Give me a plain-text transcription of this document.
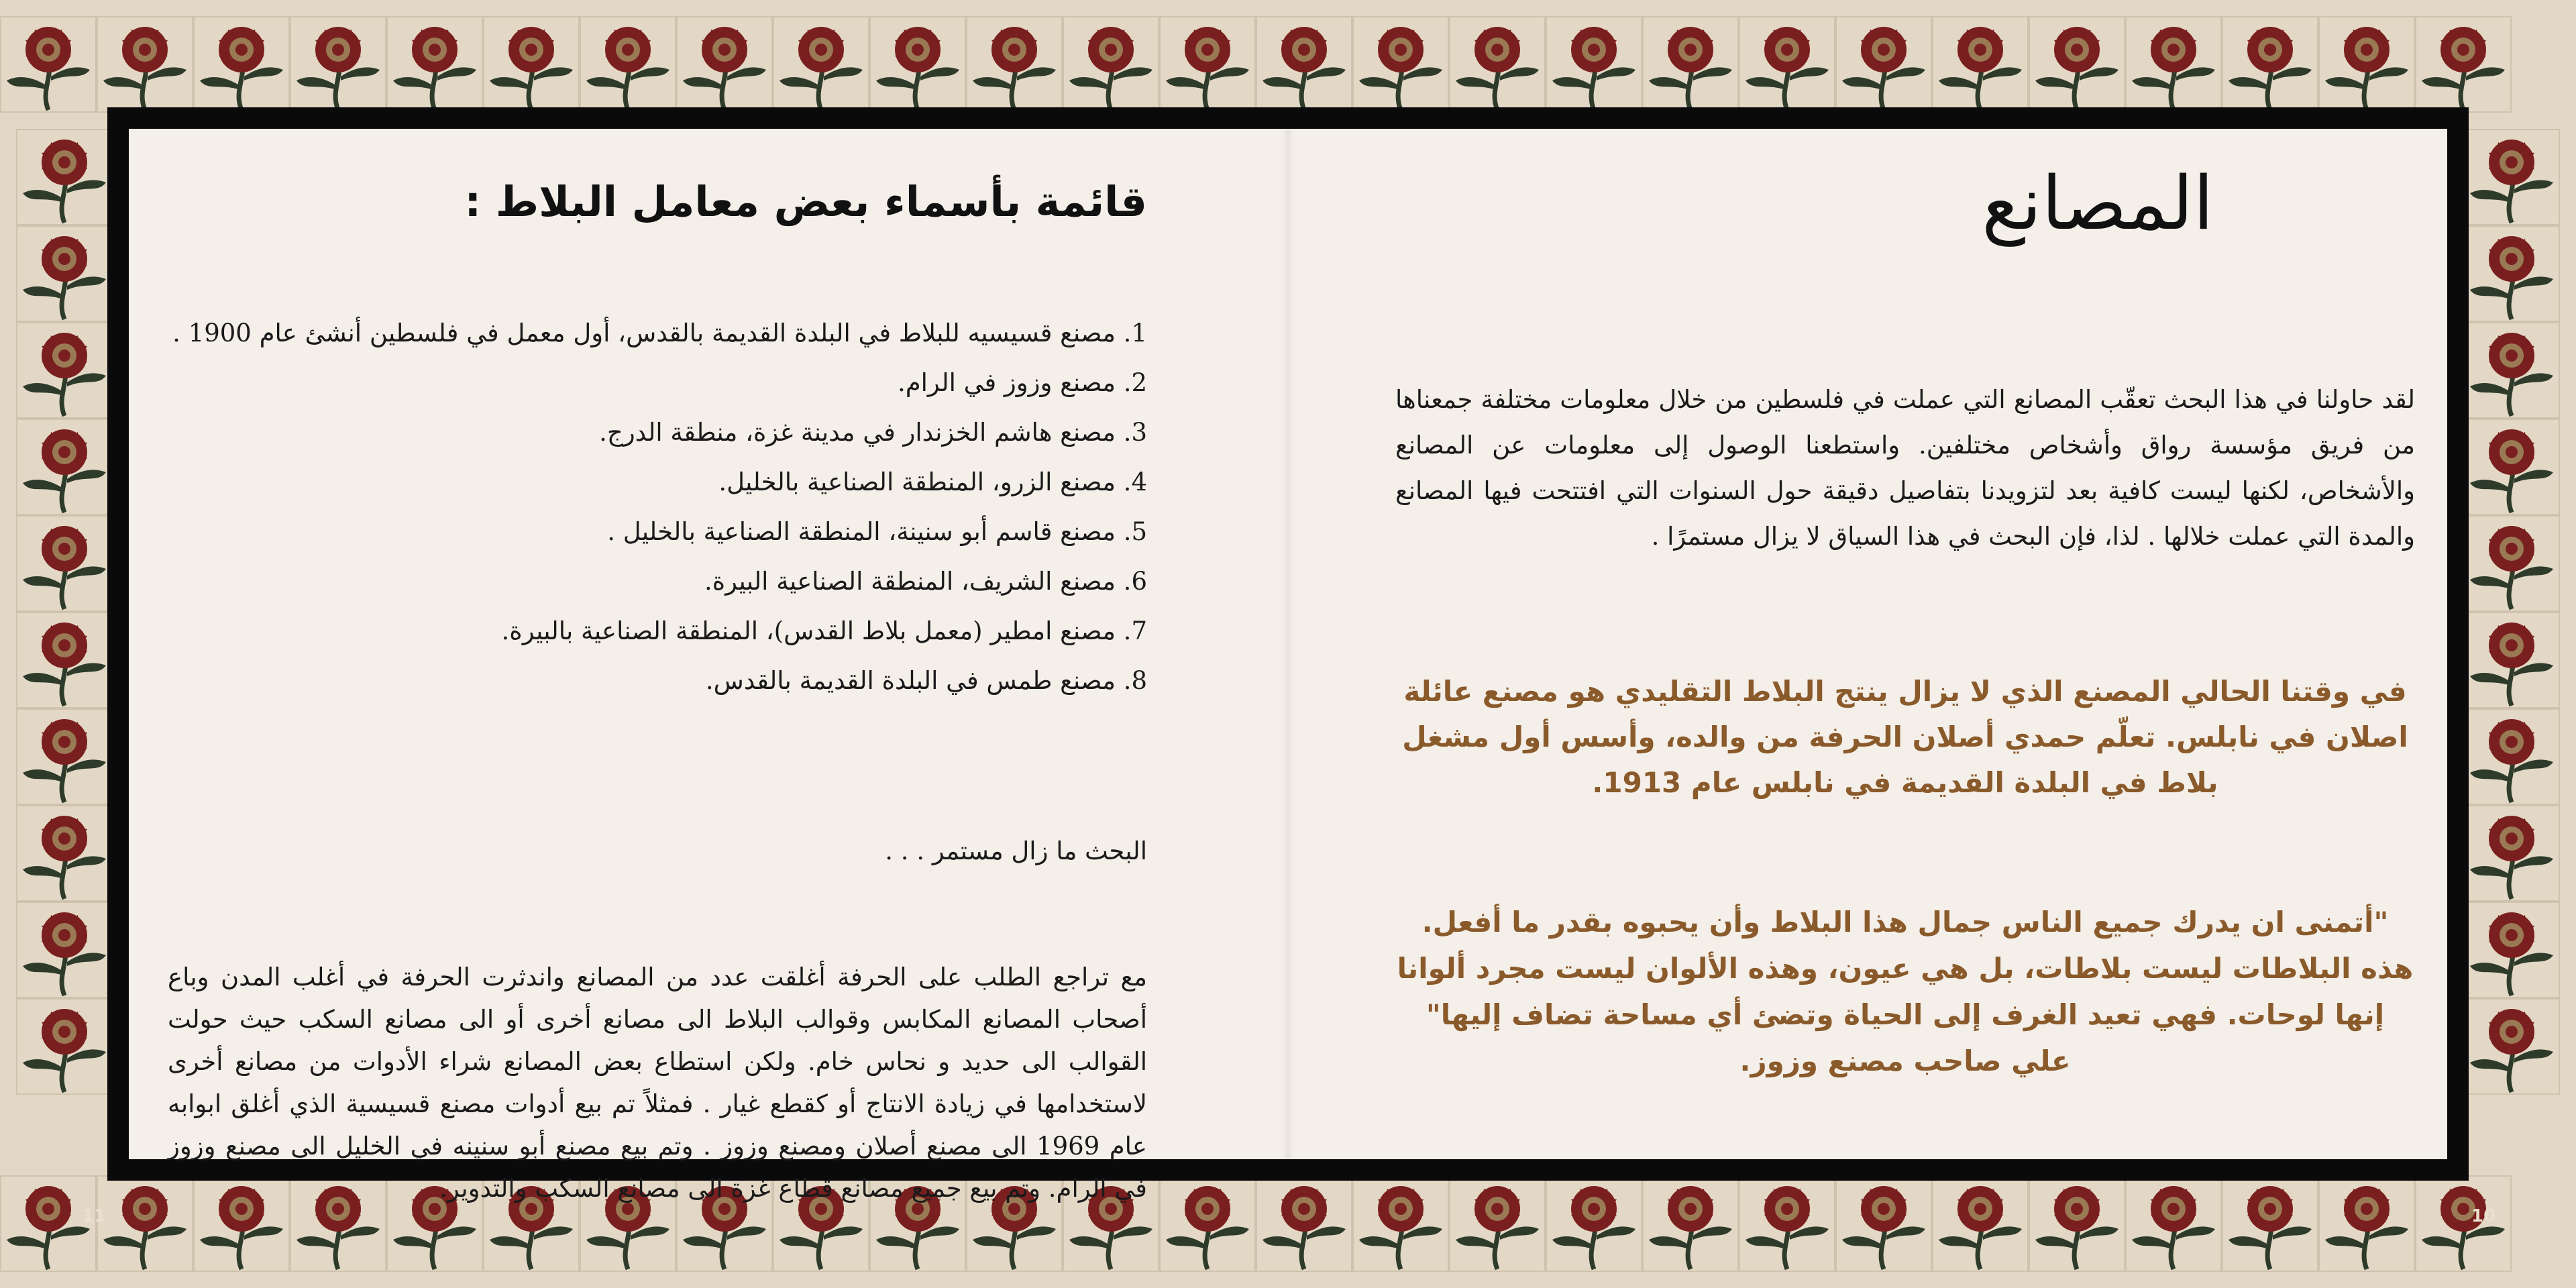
قائمة بأسماء بعض معامل البلاط :
1. مصنع قسيسيه للبلاط في البلدة القديمة بالقدس، أول معمل في فلسطين أنشئ عام 1900 .
2. مصنع وزوز في الرام.
3. مصنع هاشم الخزندار في مدينة غزة، منطقة الدرج.
4. مصنع الزرو، المنطقة الصناعية بالخليل.
5. مصنع قاسم أبو سنينة، المنطقة الصناعية بالخليل .
6. مصنع الشريف، المنطقة الصناعية البيرة.
7. مصنع امطير (معمل بلاط القدس)، المنطقة الصناعية بالبيرة.
8. مصنع طمس في البلدة القديمة بالقدس.
البحث ما زال مستمر . . .

مع تراجع الطلب على الحرفة أغلقت عدد من المصانع واندثرت الحرفة في أغلب المدن وباع أصحاب المصانع المكابس وقوالب البلاط الى مصانع أخرى أو الى مصانع السكب حيث حولت القوالب الى حديد و نحاس خام. ولكن استطاع بعض المصانع شراء الأدوات من مصانع أخرى لاستخدامها في زيادة الانتاج أو كقطع غيار . فمثلاً تم بيع أدوات مصنع قسيسية الذي أغلق ابوابه عام 1969 الى مصنع أصلان ومصنع وزوز . وتم بيع مصنع أبو سنينه في الخليل الى مصنع وزوز في الرام. وتم بيع جميع مصانع قطاع غزة الى مصانع السكب والتدوير.

المصانع

لقد حاولنا في هذا البحث تعقّب المصانع التي عملت في فلسطين من خلال معلومات مختلفة جمعناها من فريق مؤسسة رواق وأشخاص مختلفين. واستطعنا الوصول إلى معلومات عن المصانع والأشخاص، لكنها ليست كافية بعد لتزويدنا بتفاصيل دقيقة حول السنوات التي افتتحت فيها المصانع والمدة التي عملت خلالها . لذا، فإن البحث في هذا السياق لا يزال مستمرًا .

في وقتنا الحالي المصنع الذي لا يزال ينتج البلاط التقليدي هو مصنع عائلة اصلان في نابلس. تعلّم حمدي أصلان الحرفة من والده، وأسس أول مشغل بلاط في البلدة القديمة في نابلس عام 1913.

"أتمنى ان يدرك جميع الناس جمال هذا البلاط وأن يحبوه بقدر ما أفعل. هذه البلاطات ليست بلاطات، بل هي عيون، وهذه الألوان ليست مجرد ألوانا إنها لوحات. فهي تعيد الغرف إلى الحياة وتضئ أي مساحة تضاف إليها" علي صاحب مصنع وزوز.

11	10
